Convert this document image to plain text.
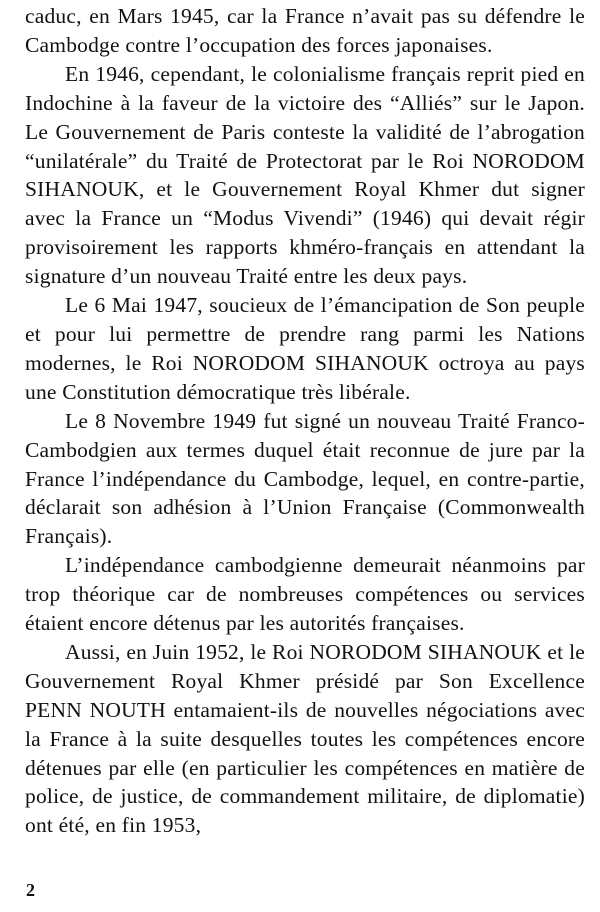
caduc, en Mars 1945, car la France n’avait pas su défendre le Cambodge contre l’occupation des forces japonaises.

En 1946, cependant, le colonialisme français reprit pied en Indochine à la faveur de la victoire des “Alliés” sur le Japon. Le Gouvernement de Paris conteste la validité de l’abrogation “unilatérale” du Traité de Protectorat par le Roi NORODOM SIHANOUK, et le Gouvernement Royal Khmer dut signer avec la France un “Modus Vivendi” (1946) qui devait régir provisoirement les rapports khméro-français en attendant la signature d’un nouveau Traité entre les deux pays.

Le 6 Mai 1947, soucieux de l’émancipation de Son peuple et pour lui permettre de prendre rang parmi les Nations modernes, le Roi NORODOM SIHANOUK octroya au pays une Constitution démocratique très libérale.

Le 8 Novembre 1949 fut signé un nouveau Traité Franco-Cambodgien aux termes duquel était reconnue de jure par la France l’indépendance du Cambodge, lequel, en contre-partie, déclarait son adhésion à l’Union Française (Commonwealth Français).

L’indépendance cambodgienne demeurait néanmoins par trop théorique car de nombreuses compétences ou services étaient encore détenus par les autorités françaises.

Aussi, en Juin 1952, le Roi NORODOM SIHANOUK et le Gouvernement Royal Khmer présidé par Son Excellence PENN NOUTH entamaient-ils de nouvelles négociations avec la France à la suite desquelles toutes les compétences encore détenues par elle (en particulier les compétences en matière de police, de justice, de commandement militaire, de diplomatie) ont été, en fin 1953,

2
